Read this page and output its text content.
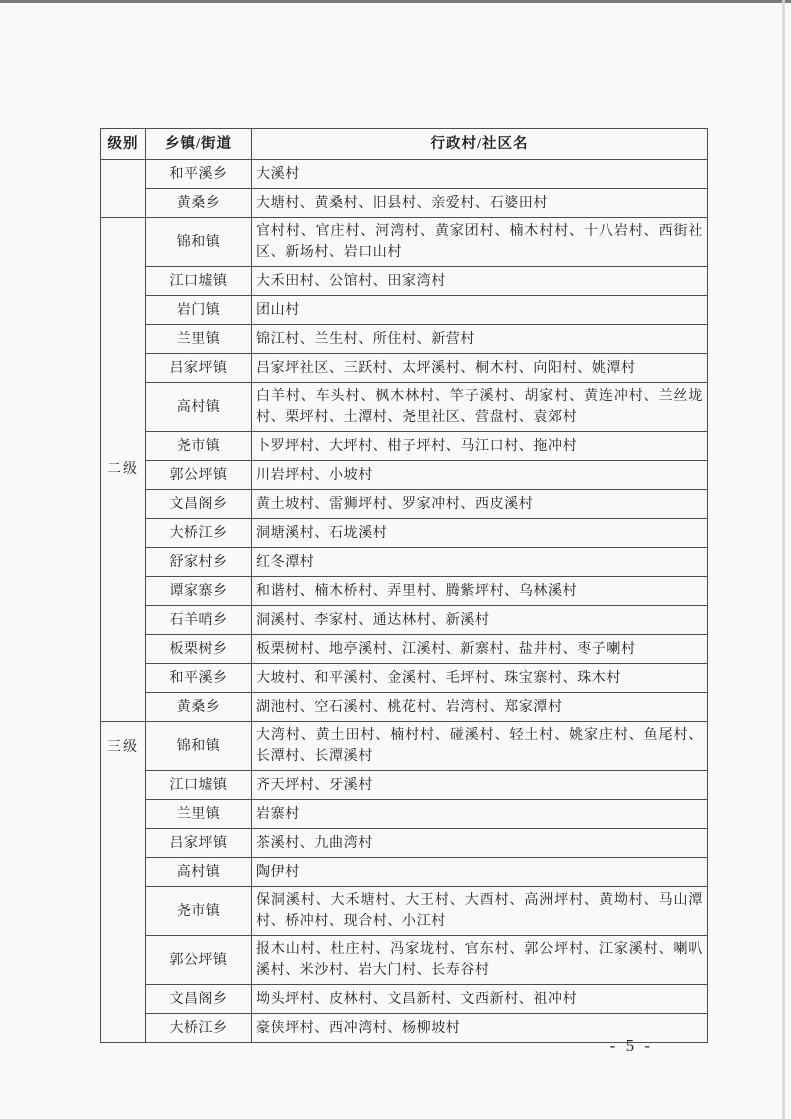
级别	乡镇/街道	行政村/社区名
	和平溪乡	大溪村
	黄桑乡	大塘村、黄桑村、旧县村、亲爱村、石婆田村
二级	锦和镇	官村村、官庄村、河湾村、黄家团村、楠木村村、十八岩村、西街社区、新场村、岩口山村
	江口墟镇	大禾田村、公馆村、田家湾村
	岩门镇	团山村
	兰里镇	锦江村、兰生村、所住村、新营村
	吕家坪镇	吕家坪社区、三跃村、太坪溪村、桐木村、向阳村、姚潭村
	高村镇	白羊村、车头村、枫木林村、竿子溪村、胡家村、黄连冲村、兰丝垅村、栗坪村、土潭村、尧里社区、营盘村、袁郊村
	尧市镇	卜罗坪村、大坪村、柑子坪村、马江口村、拖冲村
	郭公坪镇	川岩坪村、小坡村
	文昌阁乡	黄土坡村、雷狮坪村、罗家冲村、西皮溪村
	大桥江乡	洞塘溪村、石垅溪村
	舒家村乡	红冬潭村
	谭家寨乡	和谐村、楠木桥村、弄里村、腾紫坪村、乌林溪村
	石羊哨乡	洞溪村、李家村、通达林村、新溪村
	板栗树乡	板栗树村、地亭溪村、江溪村、新寨村、盐井村、枣子喇村
	和平溪乡	大坡村、和平溪村、金溪村、毛坪村、珠宝寨村、珠木村
	黄桑乡	湖池村、空石溪村、桃花村、岩湾村、郑家潭村
三级	锦和镇	大湾村、黄土田村、楠村村、碰溪村、轻土村、姚家庄村、鱼尾村、长潭村、长潭溪村
	江口墟镇	齐天坪村、牙溪村
	兰里镇	岩寨村
	吕家坪镇	茶溪村、九曲湾村
	高村镇	陶伊村
	尧市镇	保洞溪村、大禾塘村、大王村、大酉村、高洲坪村、黄坳村、马山潭村、桥冲村、现合村、小江村
	郭公坪镇	报木山村、杜庄村、冯家垅村、官东村、郭公坪村、江家溪村、喇叭溪村、米沙村、岩大门村、长寿谷村
	文昌阁乡	坳头坪村、皮林村、文昌新村、文西新村、祖冲村
	大桥江乡	豪侠坪村、西冲湾村、杨柳坡村
- 5 -
